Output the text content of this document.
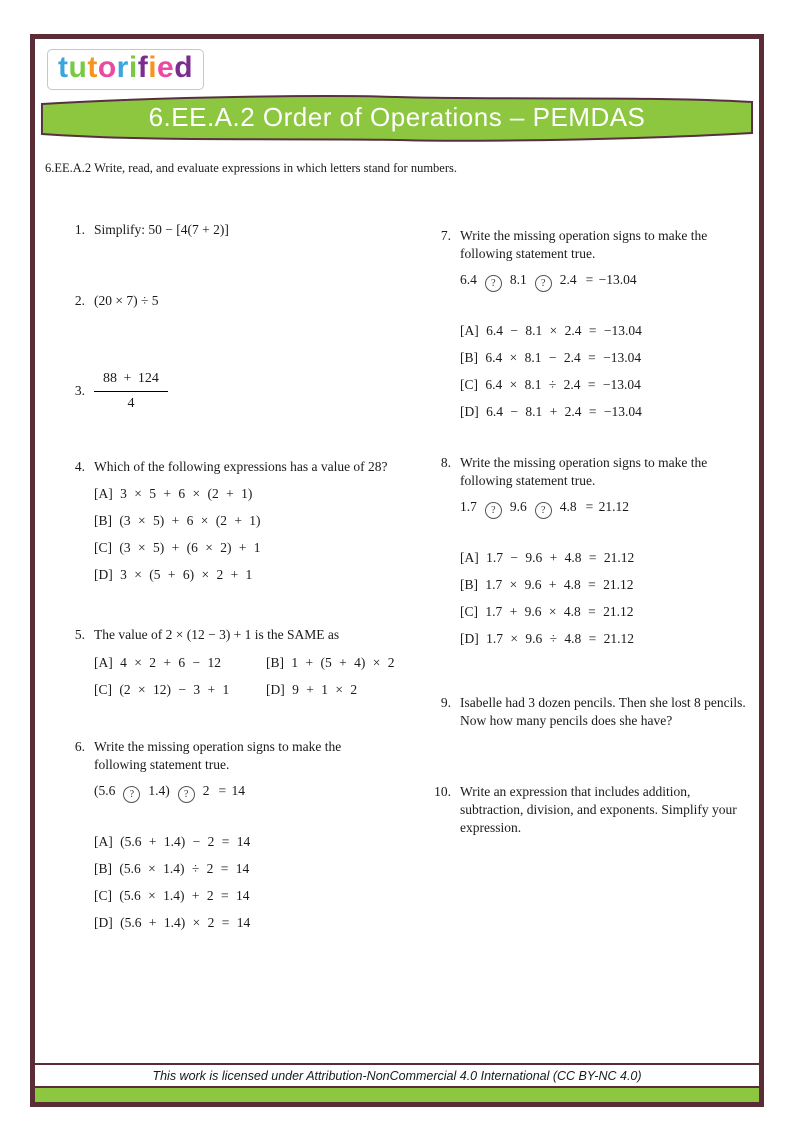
tutorified
6.EE.A.2 Order of Operations – PEMDAS
6.EE.A.2 Write, read, and evaluate expressions in which letters stand for numbers.
1. Simplify: 50 − [4(7 + 2)]
2. (20 × 7) ÷ 5
3. $\frac{88 + 124}{4}$
4. Which of the following expressions has a value of 28?
[A] 3 × 5 + 6 × (2 + 1)
[B] (3 × 5) + 6 × (2 + 1)
[C] (3 × 5) + (6 × 2) + 1
[D] 3 × (5 + 6) × 2 + 1
5. The value of 2 × (12 − 3) + 1 is the SAME as
[A] 4 × 2 + 6 − 12	[B] 1 + (5 + 4) × 2
[C] (2 × 12) − 3 + 1	[D] 9 + 1 × 2
6. Write the missing operation signs to make the following statement true.
(5.6 ? 1.4) ? 2 = 14
[A] (5.6 + 1.4) − 2 = 14
[B] (5.6 × 1.4) ÷ 2 = 14
[C] (5.6 × 1.4) + 2 = 14
[D] (5.6 + 1.4) × 2 = 14
7. Write the missing operation signs to make the following statement true.
6.4 ? 8.1 ? 2.4 = −13.04
[A] 6.4 − 8.1 × 2.4 = −13.04
[B] 6.4 × 8.1 − 2.4 = −13.04
[C] 6.4 × 8.1 ÷ 2.4 = −13.04
[D] 6.4 − 8.1 + 2.4 = −13.04
8. Write the missing operation signs to make the following statement true.
1.7 ? 9.6 ? 4.8 = 21.12
[A] 1.7 − 9.6 + 4.8 = 21.12
[B] 1.7 × 9.6 + 4.8 = 21.12
[C] 1.7 + 9.6 × 4.8 = 21.12
[D] 1.7 × 9.6 ÷ 4.8 = 21.12
9. Isabelle had 3 dozen pencils. Then she lost 8 pencils. Now how many pencils does she have?
10. Write an expression that includes addition, subtraction, division, and exponents. Simplify your expression.
This work is licensed under Attribution-NonCommercial 4.0 International (CC BY-NC 4.0)
